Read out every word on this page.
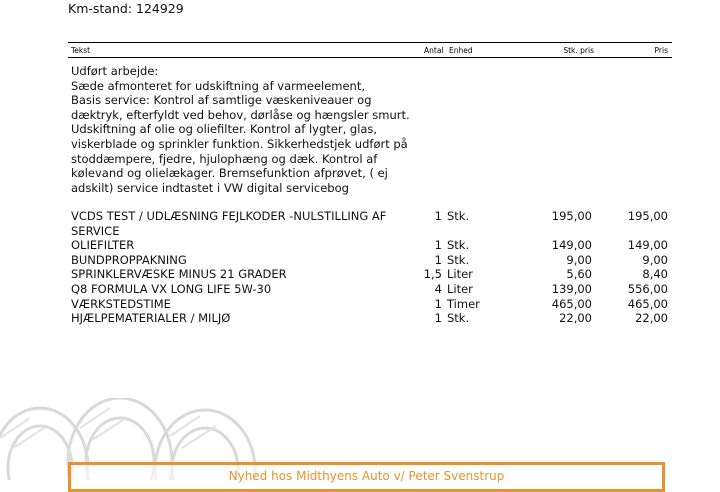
Km-stand: 124929
Tekst	Antal Enhed	Stk. pris	Pris
Udført arbejde:
Sæde afmonteret for udskiftning af varmeelement,
Basis service: Kontrol af samtlige væskeniveauer og
dæktryk, efterfyldt ved behov, dørlåse og hængsler smurt.
Udskiftning af olie og oliefilter. Kontrol af lygter, glas,
viskerblade og sprinkler funktion. Sikkerhedstjek udført på
stoddæmpere, fjedre, hjulophæng og dæk. Kontrol af
kølevand og olielækager. Bremsefunktion afprøvet, ( ej
adskilt) service indtastet i VW digital servicebog
VCDS TEST / UDLÆSNING FEJLKODER -NULSTILLING AF
SERVICE
1 Stk.	195,00	195,00
OLIEFILTER	1 Stk.	149,00	149,00
BUNDPROPPAKNING	1 Stk.	9,00	9,00
SPRINKLERVÆSKE MINUS 21 GRADER	1,5 Liter	5,60	8,40
Q8 FORMULA VX LONG LIFE 5W-30	4 Liter	139,00	556,00
VÆRKSTEDSTIME	1 Timer	465,00	465,00
HJÆLPEMATERIALER / MILJØ	1 Stk.	22,00	22,00
Nyhed hos Midthyens Auto v/ Peter Svenstrup
